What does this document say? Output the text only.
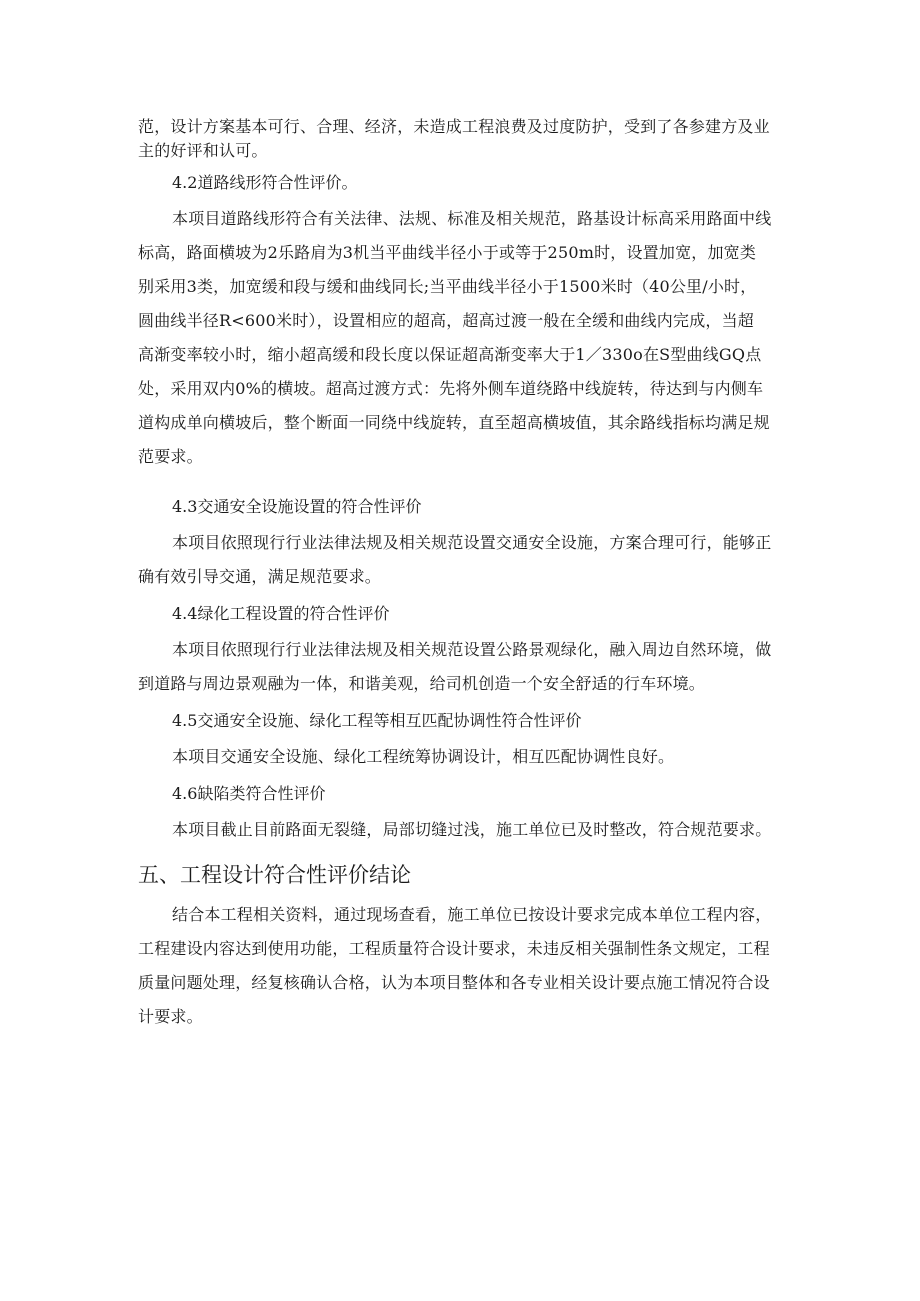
范，设计方案基本可行、合理、经济，未造成工程浪费及过度防护，受到了各参建方及业
主的好评和认可。
4.2道路线形符合性评价。
本项目道路线形符合有关法律、法规、标准及相关规范，路基设计标高采用路面中线
标高，路面横坡为2乐路肩为3机当平曲线半径小于或等于250m时，设置加宽，加宽类
别采用3类，加宽缓和段与缓和曲线同长;当平曲线半径小于1500米时（40公里/小时，
圆曲线半径R<600米时），设置相应的超高，超高过渡一般在全缓和曲线内完成，当超
高渐变率较小时，缩小超高缓和段长度以保证超高渐变率大于1／330o在S型曲线GQ点
处，采用双内0%的横坡。超高过渡方式：先将外侧车道绕路中线旋转，待达到与内侧车
道构成单向横坡后，整个断面一同绕中线旋转，直至超高横坡值，其余路线指标均满足规
范要求。
4.3交通安全设施设置的符合性评价
本项目依照现行行业法律法规及相关规范设置交通安全设施，方案合理可行，能够正
确有效引导交通，满足规范要求。
4.4绿化工程设置的符合性评价
本项目依照现行行业法律法规及相关规范设置公路景观绿化，融入周边自然环境，做
到道路与周边景观融为一体，和谐美观，给司机创造一个安全舒适的行车环境。
4.5交通安全设施、绿化工程等相互匹配协调性符合性评价
本项目交通安全设施、绿化工程统筹协调设计，相互匹配协调性良好。
4.6缺陷类符合性评价
本项目截止目前路面无裂缝，局部切缝过浅，施工单位已及时整改，符合规范要求。
五、工程设计符合性评价结论
结合本工程相关资料，通过现场查看，施工单位已按设计要求完成本单位工程内容，
工程建设内容达到使用功能，工程质量符合设计要求，未违反相关强制性条文规定，工程
质量问题处理，经复核确认合格，认为本项目整体和各专业相关设计要点施工情况符合设
计要求。
